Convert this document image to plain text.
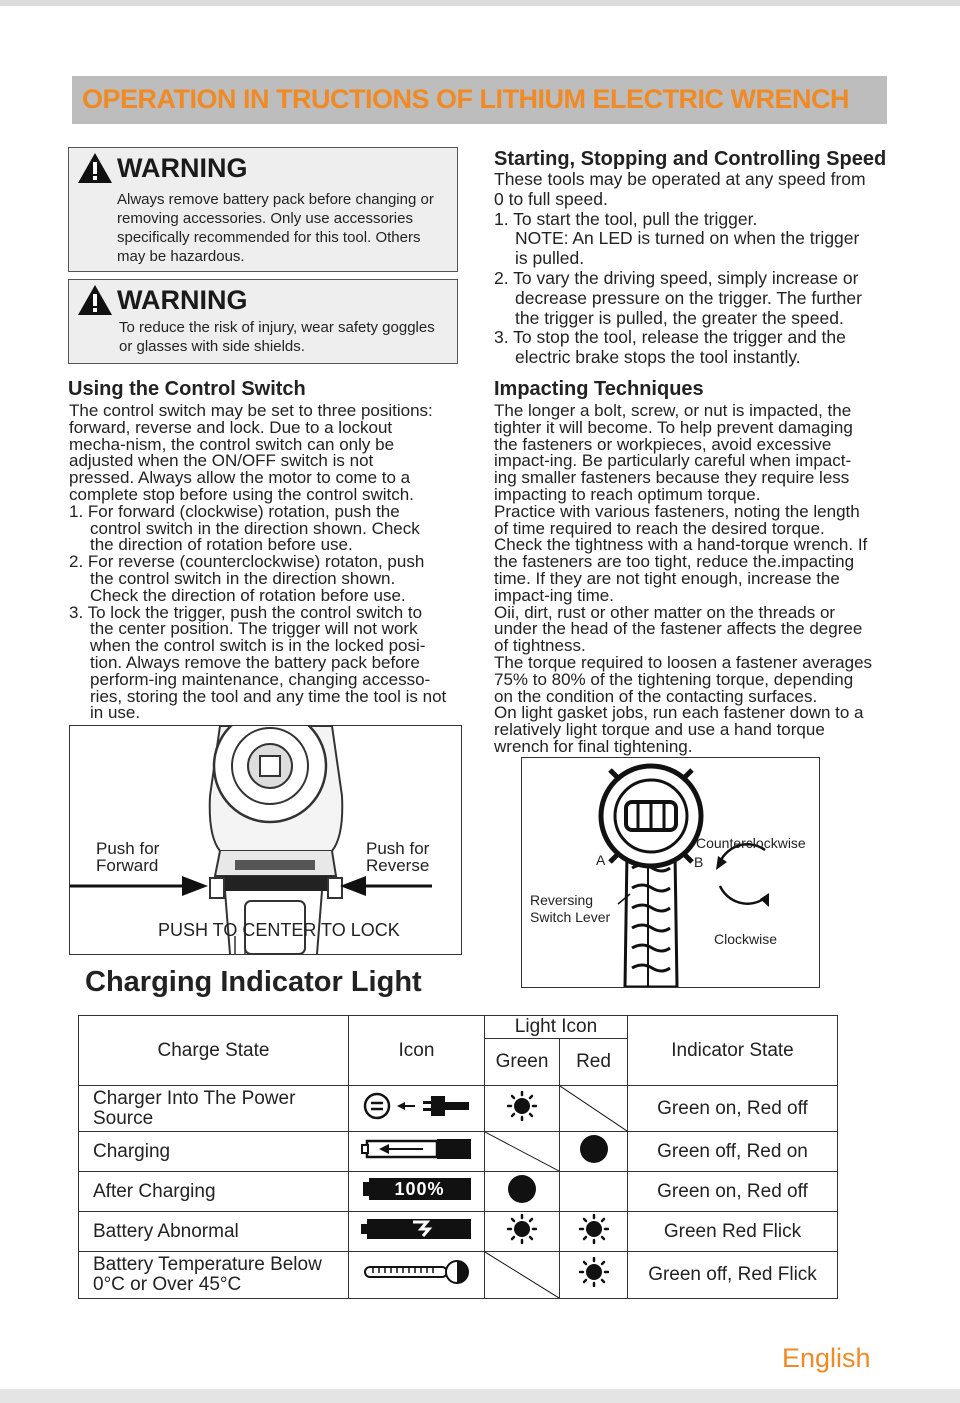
OPERATION IN TRUCTIONS OF LITHIUM ELECTRIC WRENCH
WARNING
Always remove battery pack before changing or
removing accessories. Only use accessories
specifically recommended for this tool. Others
may be hazardous.
WARNING
To reduce the risk of injury, wear safety goggles
or glasses with side shields.
Using the Control Switch

The control switch may be set to three positions:

forward, reverse and lock. Due to a lockout

mecha-nism, the control switch can only be

adjusted when the ON/OFF switch is not

pressed. Always allow the motor to come to a

complete stop before using the control switch.

1. For forward (clockwise) rotation, push the

control switch in the direction shown. Check

the direction of rotation before use.

2. For reverse (counterclockwise) rotaton, push

the control switch in the direction shown.

Check the direction of rotation before use.

3. To lock the trigger, push the control switch to

the center position. The trigger will not work

when the control switch is in the locked posi-

tion. Always remove the battery pack before

perform-ing maintenance, changing accesso-

ries, storing the tool and any time the tool is not

in use.

Push for
Forward
Push for
Reverse
PUSH TO CENTER TO LOCK
Starting, Stopping and Controlling Speed

These tools may be operated at any speed from

0 to full speed.

1. To start the tool, pull the trigger.

NOTE: An LED is turned on when the trigger

is pulled.

2. To vary the driving speed, simply increase or

decrease pressure on the trigger. The further

the trigger is pulled, the greater the speed.

3. To stop the tool, release the trigger and the

electric brake stops the tool instantly.

Impacting Techniques

The longer a bolt, screw, or nut is impacted, the

tighter it will become. To help prevent damaging

the fasteners or workpieces, avoid excessive

impact-ing. Be particularly careful when impact-

ing smaller fasteners because they require less

impacting to reach optimum torque.

Practice with various fasteners, noting the length

of time required to reach the desired torque.

Check the tightness with a hand-torque wrench. If

the fasteners are too tight, reduce the.impacting

time. If they are not tight enough, increase the

impact-ing time.

Oii, dirt, rust or other matter on the threads or

under the head of the fastener affects the degree

of tightness.

The torque required to loosen a fastener averages

75% to 80% of the tightening torque, depending

on the condition of the contacting surfaces.

On light gasket jobs, run each fastener down to a

relatively light torque and use a hand torque

wrench for final tightening.

A	B
Counterclockwise
Clockwise
Reversing
Switch Lever
Charging Indicator Light
Charge State	Icon	Light Icon		Indicator State
		Green	Red	

Charger Into The Power
Source				Green on, Red off

Charging				Green off, Red on

After Charging	100%			Green on, Red off

Battery Abnormal				Green Red Flick

Battery Temperature Below
0°C or Over 45°C				Green off, Red Flick
English
